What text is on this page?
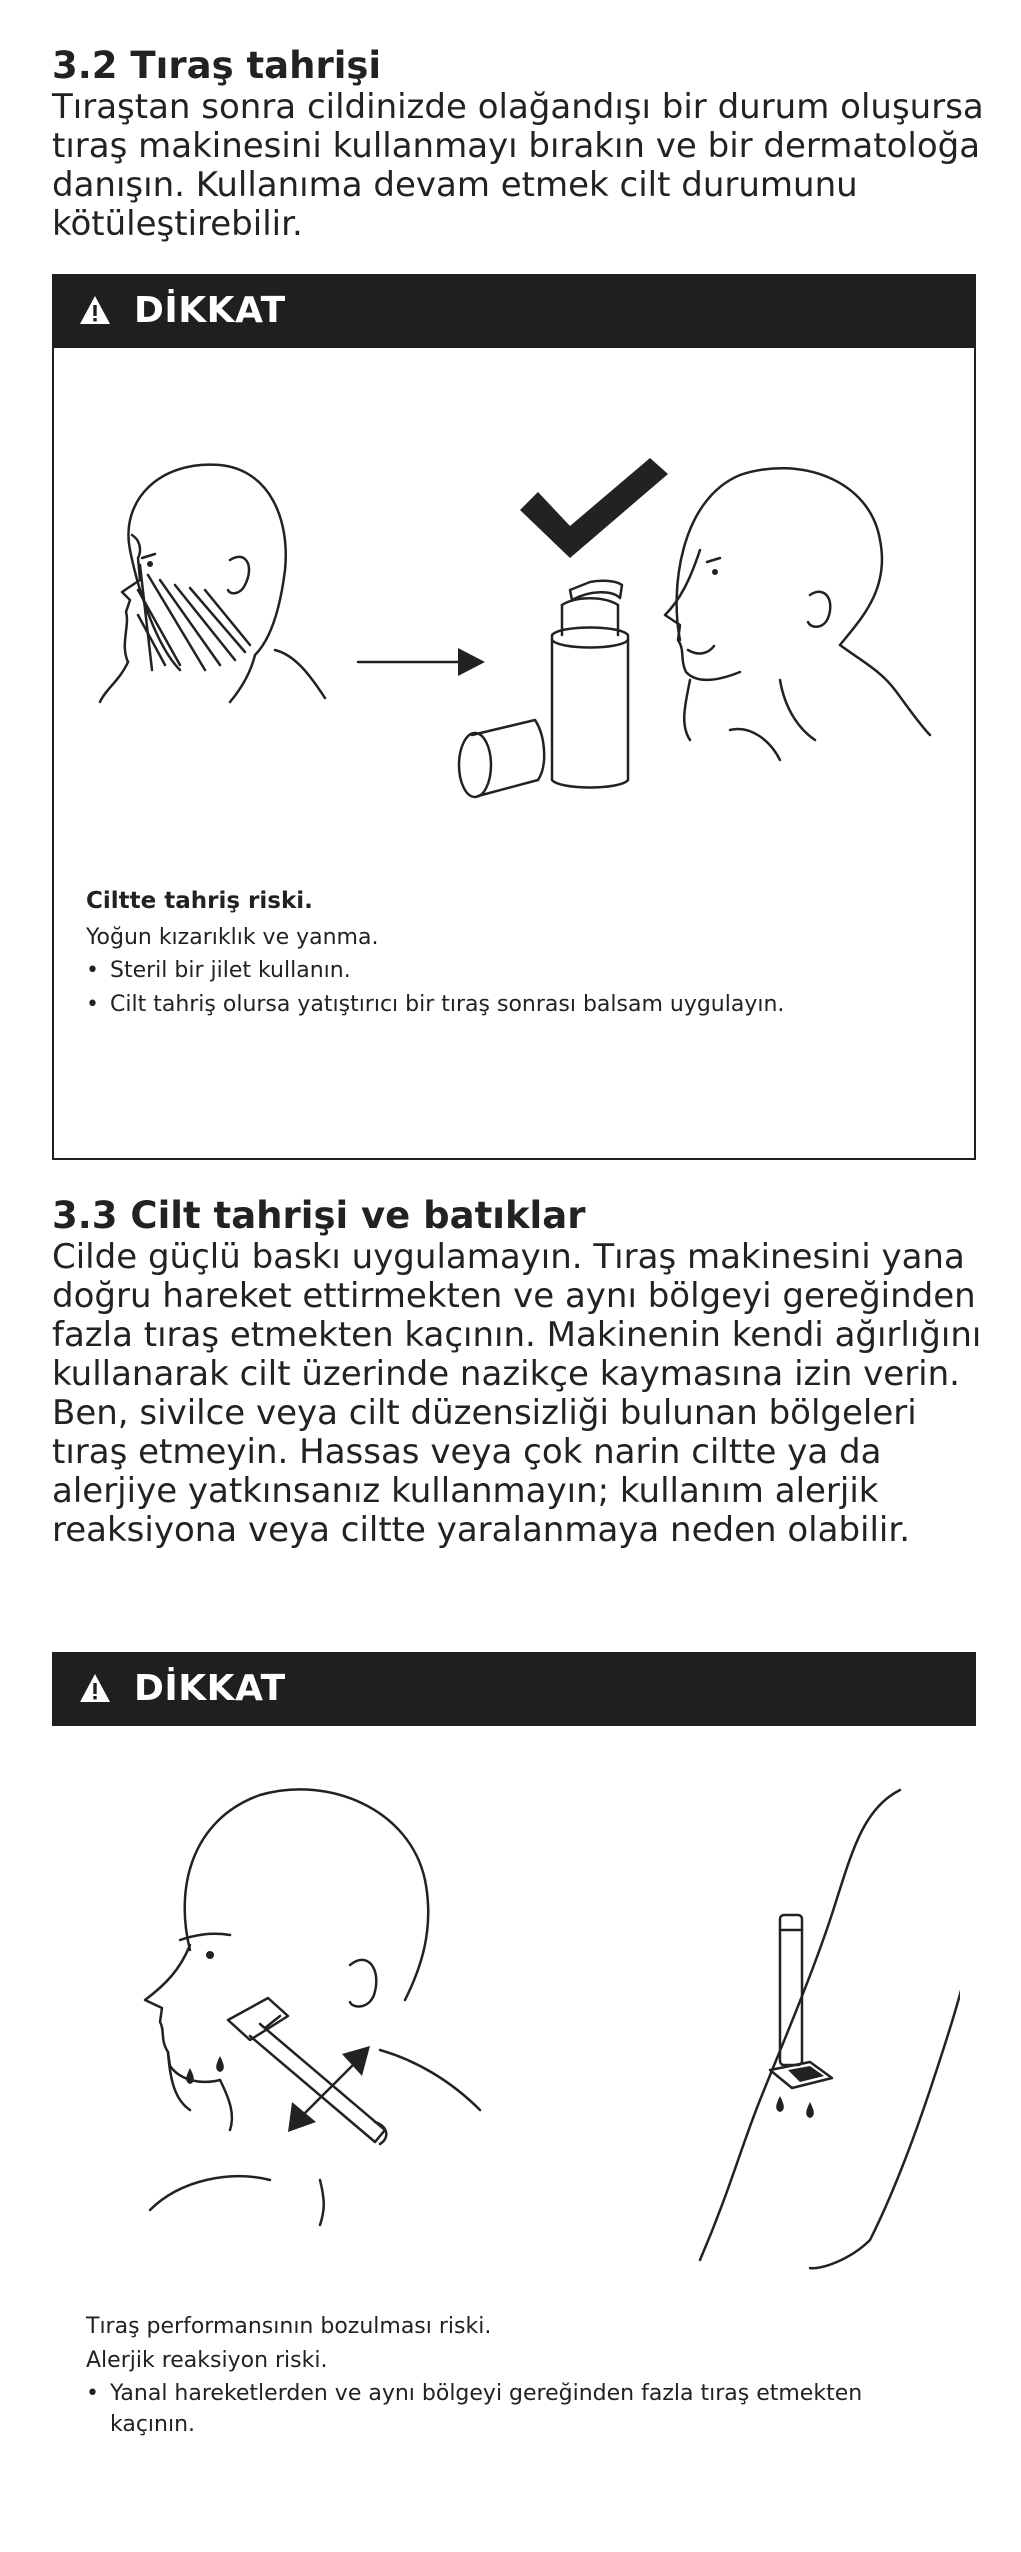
3.2 Tıraş tahrişi

Tıraştan sonra cildinizde olağandışı bir durum oluşursa tıraş makinesini kullanmayı bırakın ve bir dermatoloğa danışın. Kullanıma devam etmek cilt durumunu kötüleştirebilir.

DİKKAT

Ciltte tahriş riski.

Yoğun kızarıklık ve yanma.

• Steril bir jilet kullanın.
• Cilt tahriş olursa yatıştırıcı bir tıraş sonrası balsam uygulayın.
3.3 Cilt tahrişi ve batıklar

Cilde güçlü baskı uygulamayın. Tıraş makinesini yana doğru hareket ettirmekten ve aynı bölgeyi gereğinden fazla tıraş etmekten kaçının. Makinenin kendi ağırlığını kullanarak cilt üzerinde nazikçe kaymasına izin verin. Ben, sivilce veya cilt düzensizliği bulunan bölgeleri tıraş etmeyin. Hassas veya çok narin ciltte ya da alerjiye yatkınsanız kullanmayın; kullanım alerjik reaksiyona veya ciltte yaralanmaya neden olabilir.

DİKKAT

Tıraş performansının bozulması riski.

Alerjik reaksiyon riski.

• Yanal hareketlerden ve aynı bölgeyi gereğinden fazla tıraş etmekten kaçının.
